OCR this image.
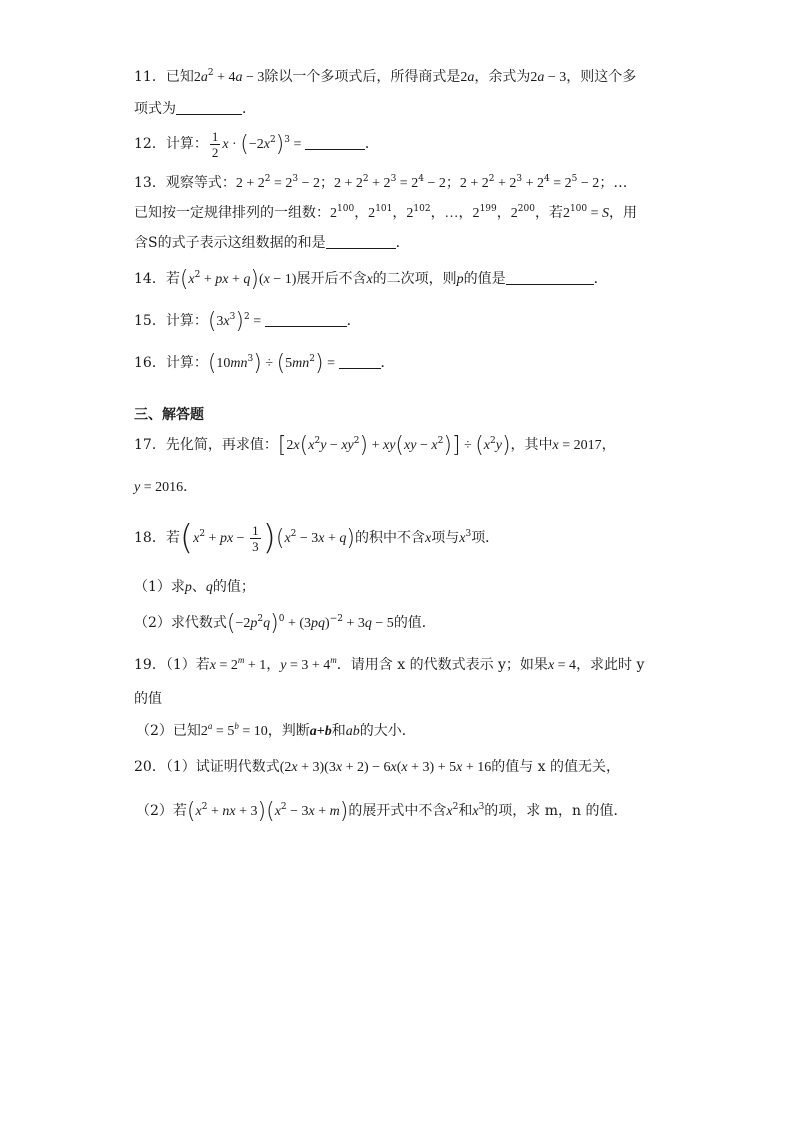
11．已知$2a^2 + 4a - 3$除以一个多项式后，所得商式是2a，余式为2a − 3，则这个多
项式为	．
12．计算： $\frac{1}{2}$ $x \cdot (-2x^2)^3$ =	．
13．观察等式：$2 + 2^2 = 2^3 - 2$；$2 + 2^2 + 2^3 = 2^4 - 2$；$2 + 2^2 + 2^3 + 2^4 = 2^5 - 2$；…
已知按一定规律排列的一组数：$2^{100}$，$2^{101}$，$2^{102}$，…，$2^{199}$，$2^{200}$，若$2^{100} = S$，用
含S的式子表示这组数据的和是	．
14．若($x^2$ + px + q)(x − 1)展开后不含x的二次项，则p的值是	．
15．计算：$(3x^3)^2$ =	．
16．计算：$(10mn^3) \div (5mn^2)$ =	．
三、解答题
17．先化简，再求值：$[2x(x^2y - xy^2) + xy(xy - x^2)] \div (x^2y)$，其中x = 2017，
y = 2016．
18．若($x^2$ + px − $\frac{1}{3} )(x^2 - 3x + q)$的积中不含x项与$x^3$项．
（1）求p、q的值；
（2）求代数式$(-2p^2q)^0 + (3pq)^{-2} + 3q - 5$的值．
19．（1）若$x = 2^m + 1$，$y = 3 + 4^m$．请用含 x 的代数式表示 y；如果x = 4，求此时 y
的值
（2）已知$2^a = 5^b = 10$，判断a+b和ab的大小．
20．（1）试证明代数式(2x + 3)(3x + 2) − 6x(x + 3) + 5x + 16的值与 x 的值无关，
（2）若($x^2$ + nx + $3)(x^2 - 3x + m)$的展开式中不含$x^2$和$x^3$的项，求 m，n 的值．
